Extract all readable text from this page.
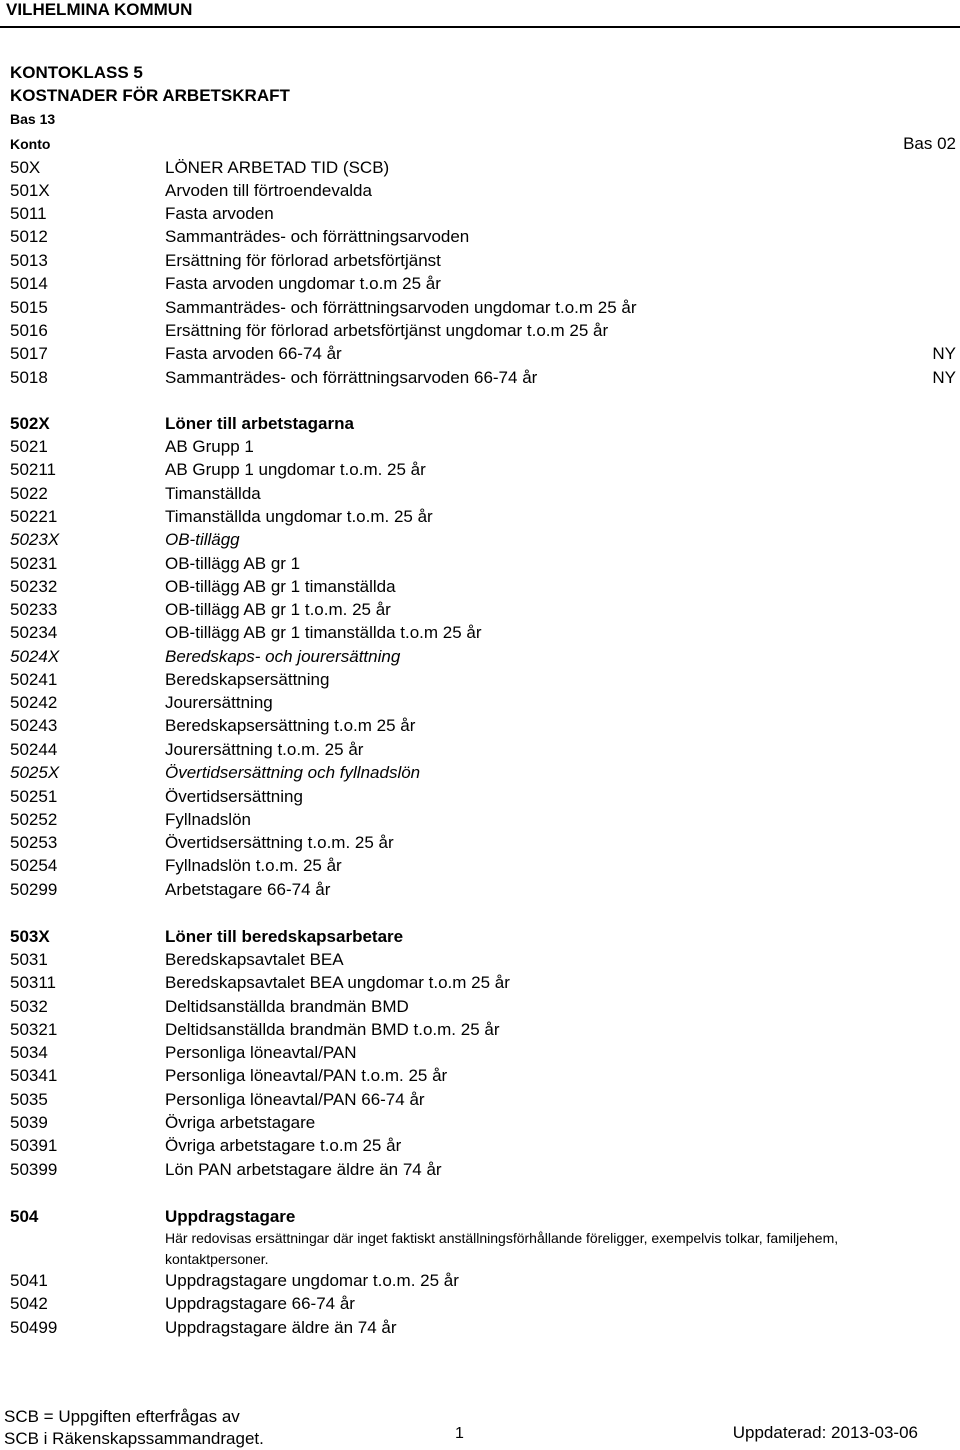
VILHELMINA KOMMUN
KONTOKLASS 5
KOSTNADER FÖR ARBETSKRAFT
Bas 13
Konto	Bas 02
50X	LÖNER ARBETAD TID (SCB)
501X	Arvoden till förtroendevalda
5011	Fasta arvoden
5012	Sammanträdes- och förrättningsarvoden
5013	Ersättning för förlorad arbetsförtjänst
5014	Fasta arvoden ungdomar t.o.m 25 år
5015	Sammanträdes- och förrättningsarvoden ungdomar t.o.m 25 år
5016	Ersättning för förlorad arbetsförtjänst ungdomar t.o.m 25 år
5017	Fasta arvoden 66-74 år	NY
5018	Sammanträdes- och förrättningsarvoden 66-74 år	NY
502X	Löner till arbetstagarna
5021	AB Grupp 1
50211	AB Grupp 1 ungdomar t.o.m. 25 år
5022	Timanställda
50221	Timanställda ungdomar t.o.m. 25 år
5023X	OB-tillägg
50231	OB-tillägg AB gr 1
50232	OB-tillägg AB gr 1 timanställda
50233	OB-tillägg AB gr 1 t.o.m. 25 år
50234	OB-tillägg AB gr 1 timanställda t.o.m 25 år
5024X	Beredskaps- och jourersättning
50241	Beredskapsersättning
50242	Jourersättning
50243	Beredskapsersättning t.o.m 25 år
50244	Jourersättning t.o.m. 25 år
5025X	Övertidsersättning och fyllnadslön
50251	Övertidsersättning
50252	Fyllnadslön
50253	Övertidsersättning t.o.m. 25 år
50254	Fyllnadslön t.o.m. 25 år
50299	Arbetstagare 66-74 år
503X	Löner till beredskapsarbetare
5031	Beredskapsavtalet BEA
50311	Beredskapsavtalet BEA ungdomar t.o.m 25 år
5032	Deltidsanställda brandmän BMD
50321	Deltidsanställda brandmän BMD t.o.m. 25 år
5034	Personliga löneavtal/PAN
50341	Personliga löneavtal/PAN t.o.m. 25 år
5035	Personliga löneavtal/PAN 66-74 år
5039	Övriga arbetstagare
50391	Övriga arbetstagare t.o.m 25 år
50399	Lön PAN arbetstagare äldre än 74 år
504	Uppdragstagare
5041	Uppdragstagare ungdomar t.o.m. 25 år
5042	Uppdragstagare 66-74 år
50499	Uppdragstagare äldre än 74 år
Här redovisas ersättningar där inget faktiskt anställningsförhållande föreligger, exempelvis tolkar, familjehem, kontaktpersoner.
SCB = Uppgiften efterfrågas av
SCB i Räkenskapssammandraget.	1	Uppdaterad: 2013-03-06
